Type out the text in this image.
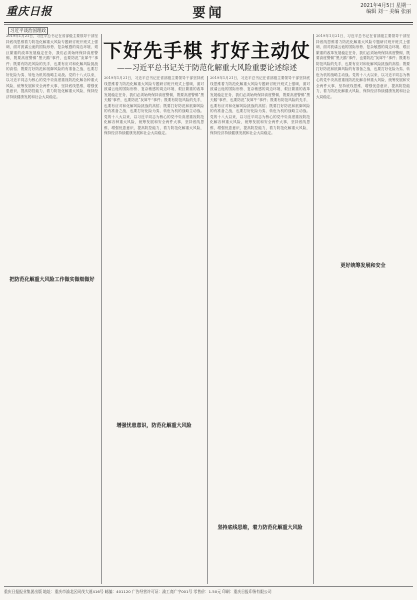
重庆日报	要闻	2021年4月5日 星期一
编辑 刘一 美编 张丽
习近平谈治国理政
下好先手棋 打好主动仗
——习近平总书记关于防范化解重大风险重要论述综述
2019年1月21日，习近平总书记在省部级主要领导干部坚持底线思维着力防范化解重大风险专题研讨班开班式上强调，面对波谲云诡的国际形势、复杂敏感的周边环境、艰巨繁重的改革发展稳定任务，我们必须始终保持高度警惕，既要高度警惕“黑天鹅”事件，也要防范“灰犀牛”事件；既要有防范风险的先手，也要有应对和化解风险挑战的高招；既要打好防范和抵御风险的有准备之战，也要打好化险为夷、转危为机的战略主动战。党的十八大以来，以习近平同志为核心的党中央高度重视防范化解各种重大风险，统筹发展和安全两件大事，坚持底线思维，增强忧患意识，提高防控能力，着力防范化解重大风险，保持经济持续健康发展和社会大局稳定。
2019年1月21日，习近平总书记在省部级主要领导干部坚持底线思维着力防范化解重大风险专题研讨班开班式上强调，面对波谲云诡的国际形势、复杂敏感的周边环境、艰巨繁重的改革发展稳定任务，我们必须始终保持高度警惕，既要高度警惕“黑天鹅”事件，也要防范“灰犀牛”事件；既要有防范风险的先手，也要有应对和化解风险挑战的高招；既要打好防范和抵御风险的有准备之战，也要打好化险为夷、转危为机的战略主动战。党的十八大以来，以习近平同志为核心的党中央高度重视防范化解各种重大风险，统筹发展和安全两件大事，坚持底线思维，增强忧患意识，提高防控能力，着力防范化解重大风险，保持经济持续健康发展和社会大局稳定。
2019年1月21日，习近平总书记在省部级主要领导干部坚持底线思维着力防范化解重大风险专题研讨班开班式上强调，面对波谲云诡的国际形势、复杂敏感的周边环境、艰巨繁重的改革发展稳定任务，我们必须始终保持高度警惕，既要高度警惕“黑天鹅”事件，也要防范“灰犀牛”事件；既要有防范风险的先手，也要有应对和化解风险挑战的高招；既要打好防范和抵御风险的有准备之战，也要打好化险为夷、转危为机的战略主动战。党的十八大以来，以习近平同志为核心的党中央高度重视防范化解各种重大风险，统筹发展和安全两件大事，坚持底线思维，增强忧患意识，提高防控能力，着力防范化解重大风险，保持经济持续健康发展和社会大局稳定。
2019年1月21日，习近平总书记在省部级主要领导干部坚持底线思维着力防范化解重大风险专题研讨班开班式上强调，面对波谲云诡的国际形势、复杂敏感的周边环境、艰巨繁重的改革发展稳定任务，我们必须始终保持高度警惕，既要高度警惕“黑天鹅”事件，也要防范“灰犀牛”事件；既要有防范风险的先手，也要有应对和化解风险挑战的高招；既要打好防范和抵御风险的有准备之战，也要打好化险为夷、转危为机的战略主动战。党的十八大以来，以习近平同志为核心的党中央高度重视防范化解各种重大风险，统筹发展和安全两件大事，坚持底线思维，增强忧患意识，提高防控能力，着力防范化解重大风险，保持经济持续健康发展和社会大局稳定。
把防范化解重大风险工作做实做细做好
增强忧患意识，防范化解重大风险
坚持底线思维，着力防范化解重大风险
更好统筹发展和安全
重庆日报报业集团出版 地址：重庆市渝北区同茂大道416号 邮编：401120 广告经营许可证：渝工商广字001号 零售价：1.50元 印刷：重庆日报印务有限公司
